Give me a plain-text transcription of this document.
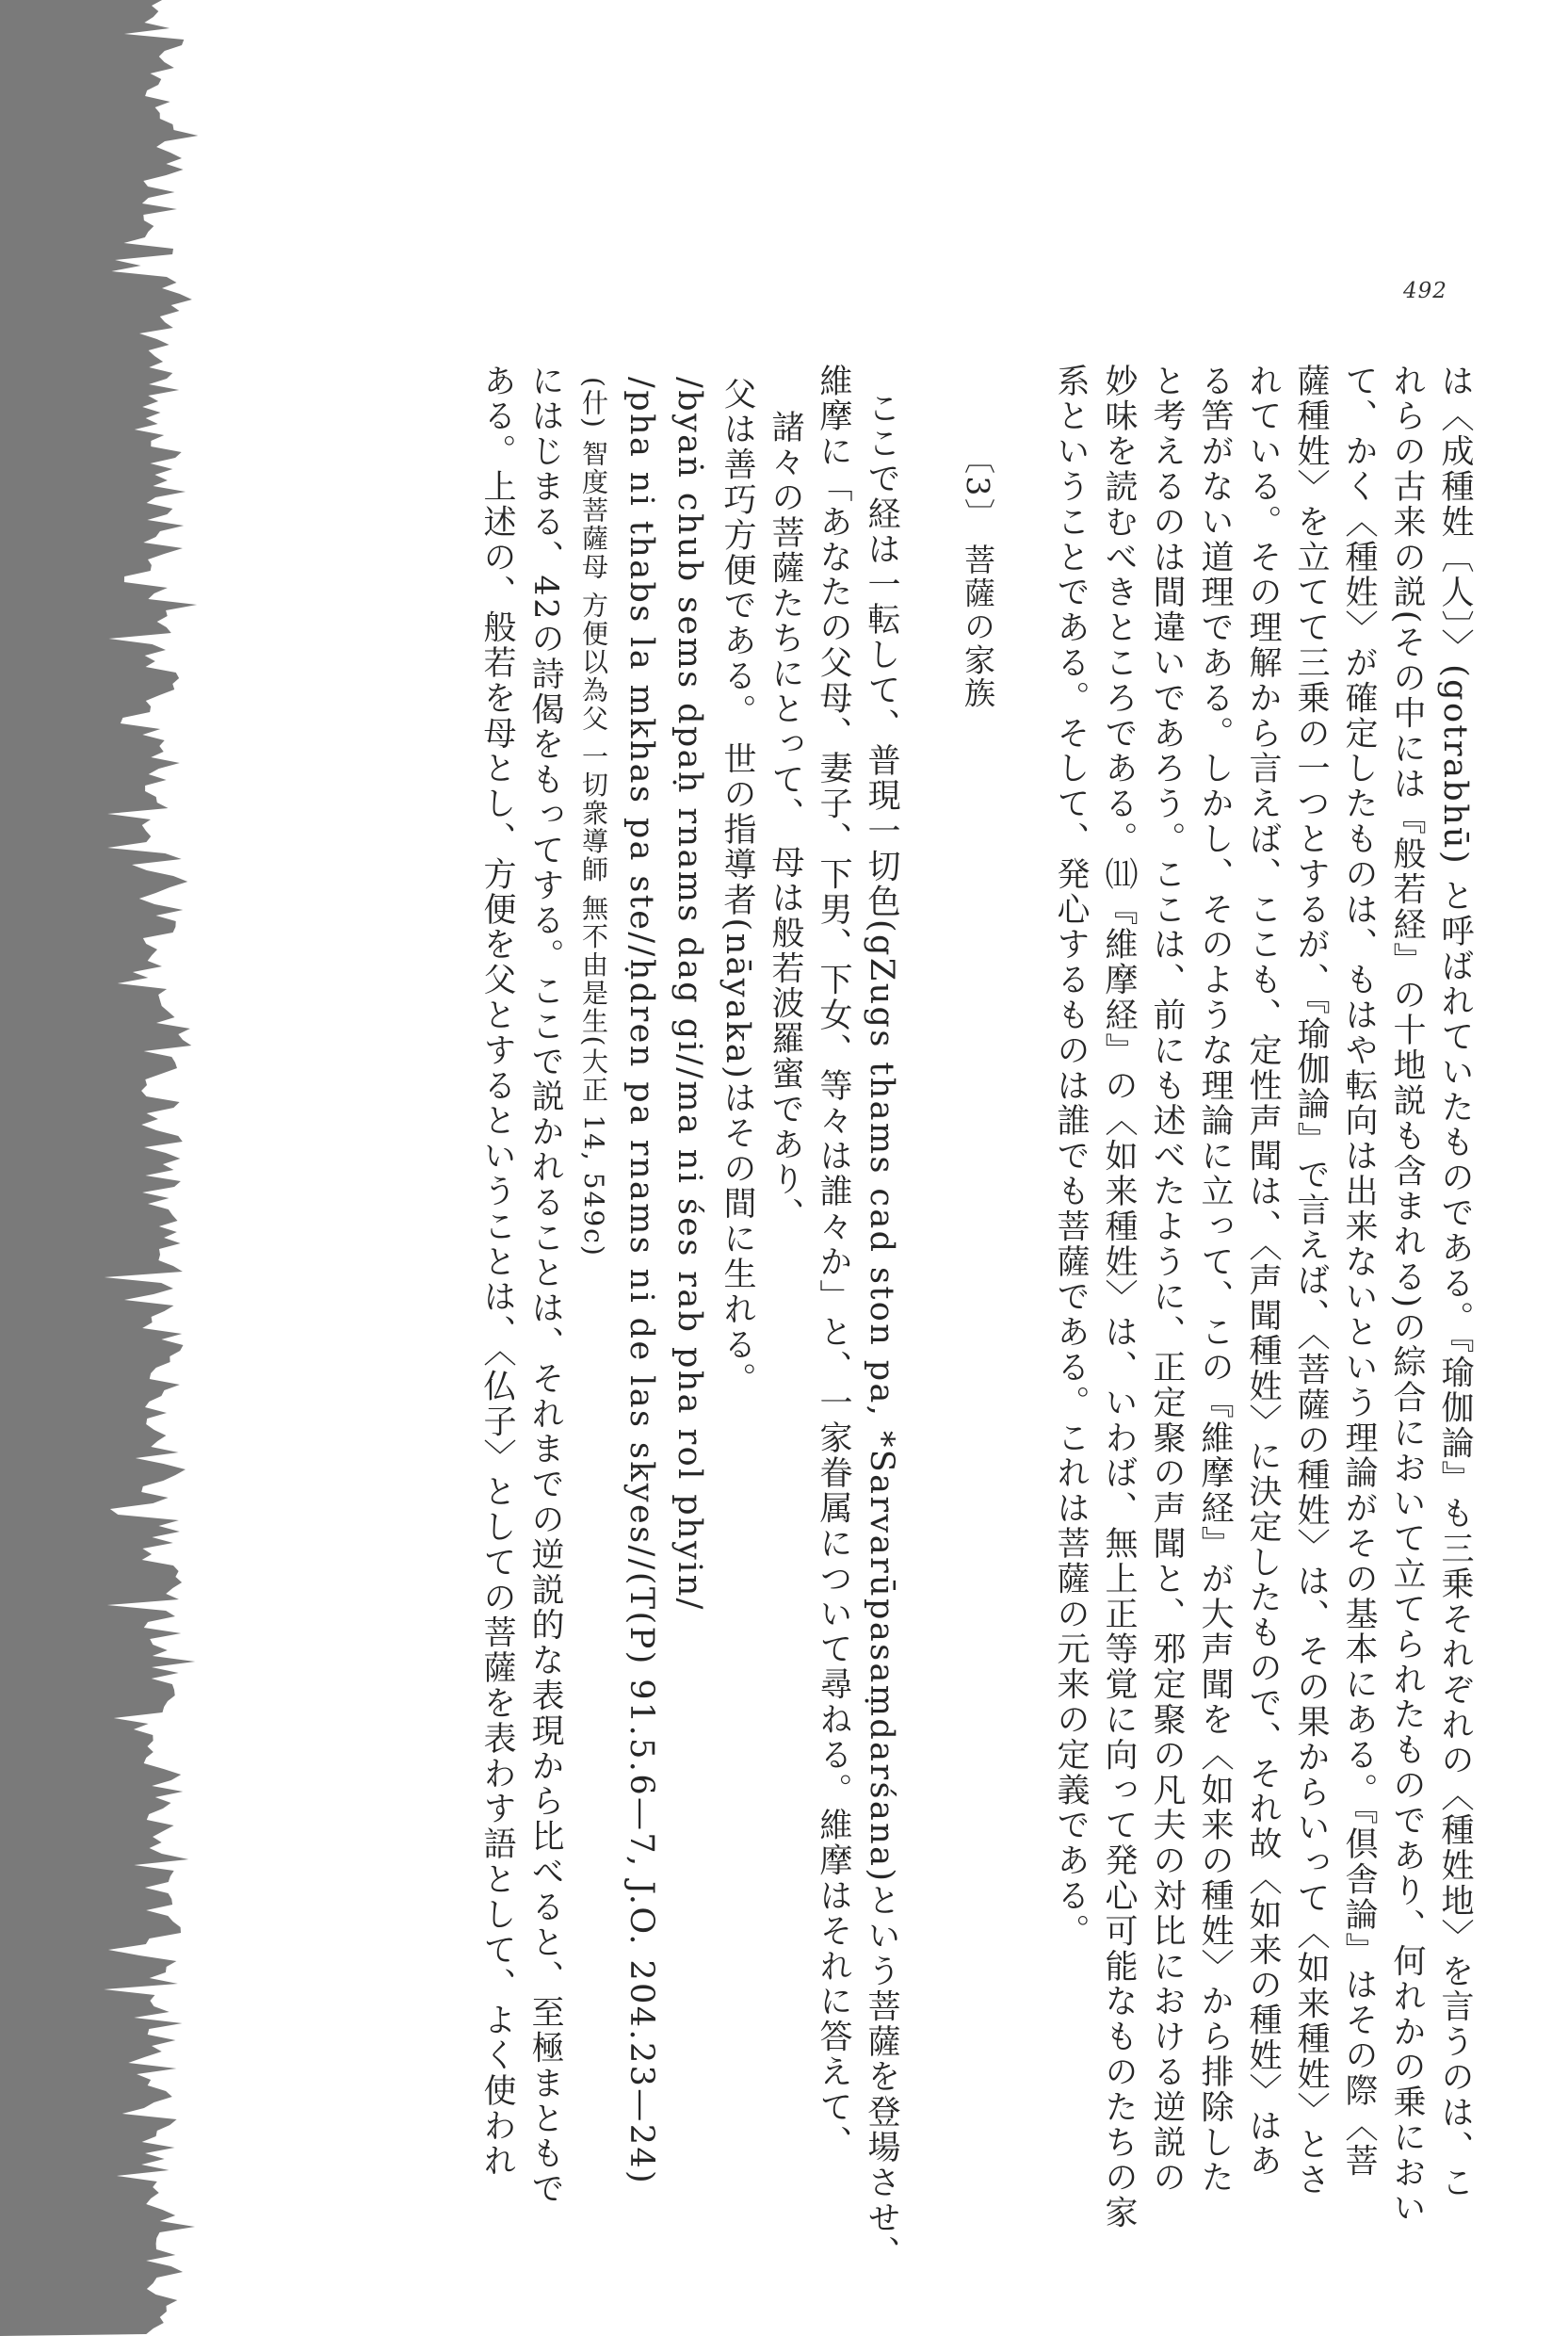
492
は〈成種姓〔人〕〉(gotrabhū) と呼ばれていたものである。『瑜伽論』も三乗それぞれの〈種姓地〉を言うのは、こ
れらの古来の説(その中には『般若経』の十地説も含まれる)の綜合において立てられたものであり、何れかの乗におい
て、かく〈種姓〉が確定したものは、もはや転向は出来ないという理論がその基本にある。『倶舎論』はその際〈菩
薩種姓〉を立てて三乗の一つとするが、『瑜伽論』で言えば、〈菩薩の種姓〉は、その果からいって〈如来種姓〉とさ
れている。その理解から言えば、ここも、定性声聞は、〈声聞種姓〉に決定したもので、それ故〈如来の種姓〉はあ
る筈がない道理である。しかし、そのような理論に立って、この『維摩経』が大声聞を〈如来の種姓〉から排除した
と考えるのは間違いであろう。ここは、前にも述べたように、正定聚の声聞と、邪定聚の凡夫の対比における逆説の
妙味を読むべきところである。⑾『維摩経』の〈如来種姓〉は、いわば、無上正等覚に向って発心可能なものたちの家
系ということである。そして、発心するものは誰でも菩薩である。これは菩薩の元来の定義である。
〔3〕 菩薩の家族
ここで経は一転して、普現一切色(gZugs thams cad ston pa, *Sarvarūpasaṃdarśana)という菩薩を登場させ、
維摩に「あなたの父母、妻子、下男、下女、等々は誰々か」と、一家眷属について尋ねる。維摩はそれに答えて、
諸々の菩薩たちにとって、 母は般若波羅蜜であり、
父は善巧方便である。 世の指導者(nāyaka)はその間に生れる。
/byaṅ chub sems dpaḥ rnams dag gi//ma ni śes rab pha rol phyin/
/pha ni thabs la mkhas pa ste//ḥdren pa rnams ni de las skyes//(T(P) 91.5.6—7, J.O. 204.23—24)
(什) 智度菩薩母 方便以為父 一切衆導師 無不由是生(大正 14, 549c)
にはじまる、42の詩偈をもってする。ここで説かれることは、それまでの逆説的な表現から比べると、至極まともで
ある。上述の、般若を母とし、方便を父とするということは、〈仏子〉としての菩薩を表わす語として、よく使われ
